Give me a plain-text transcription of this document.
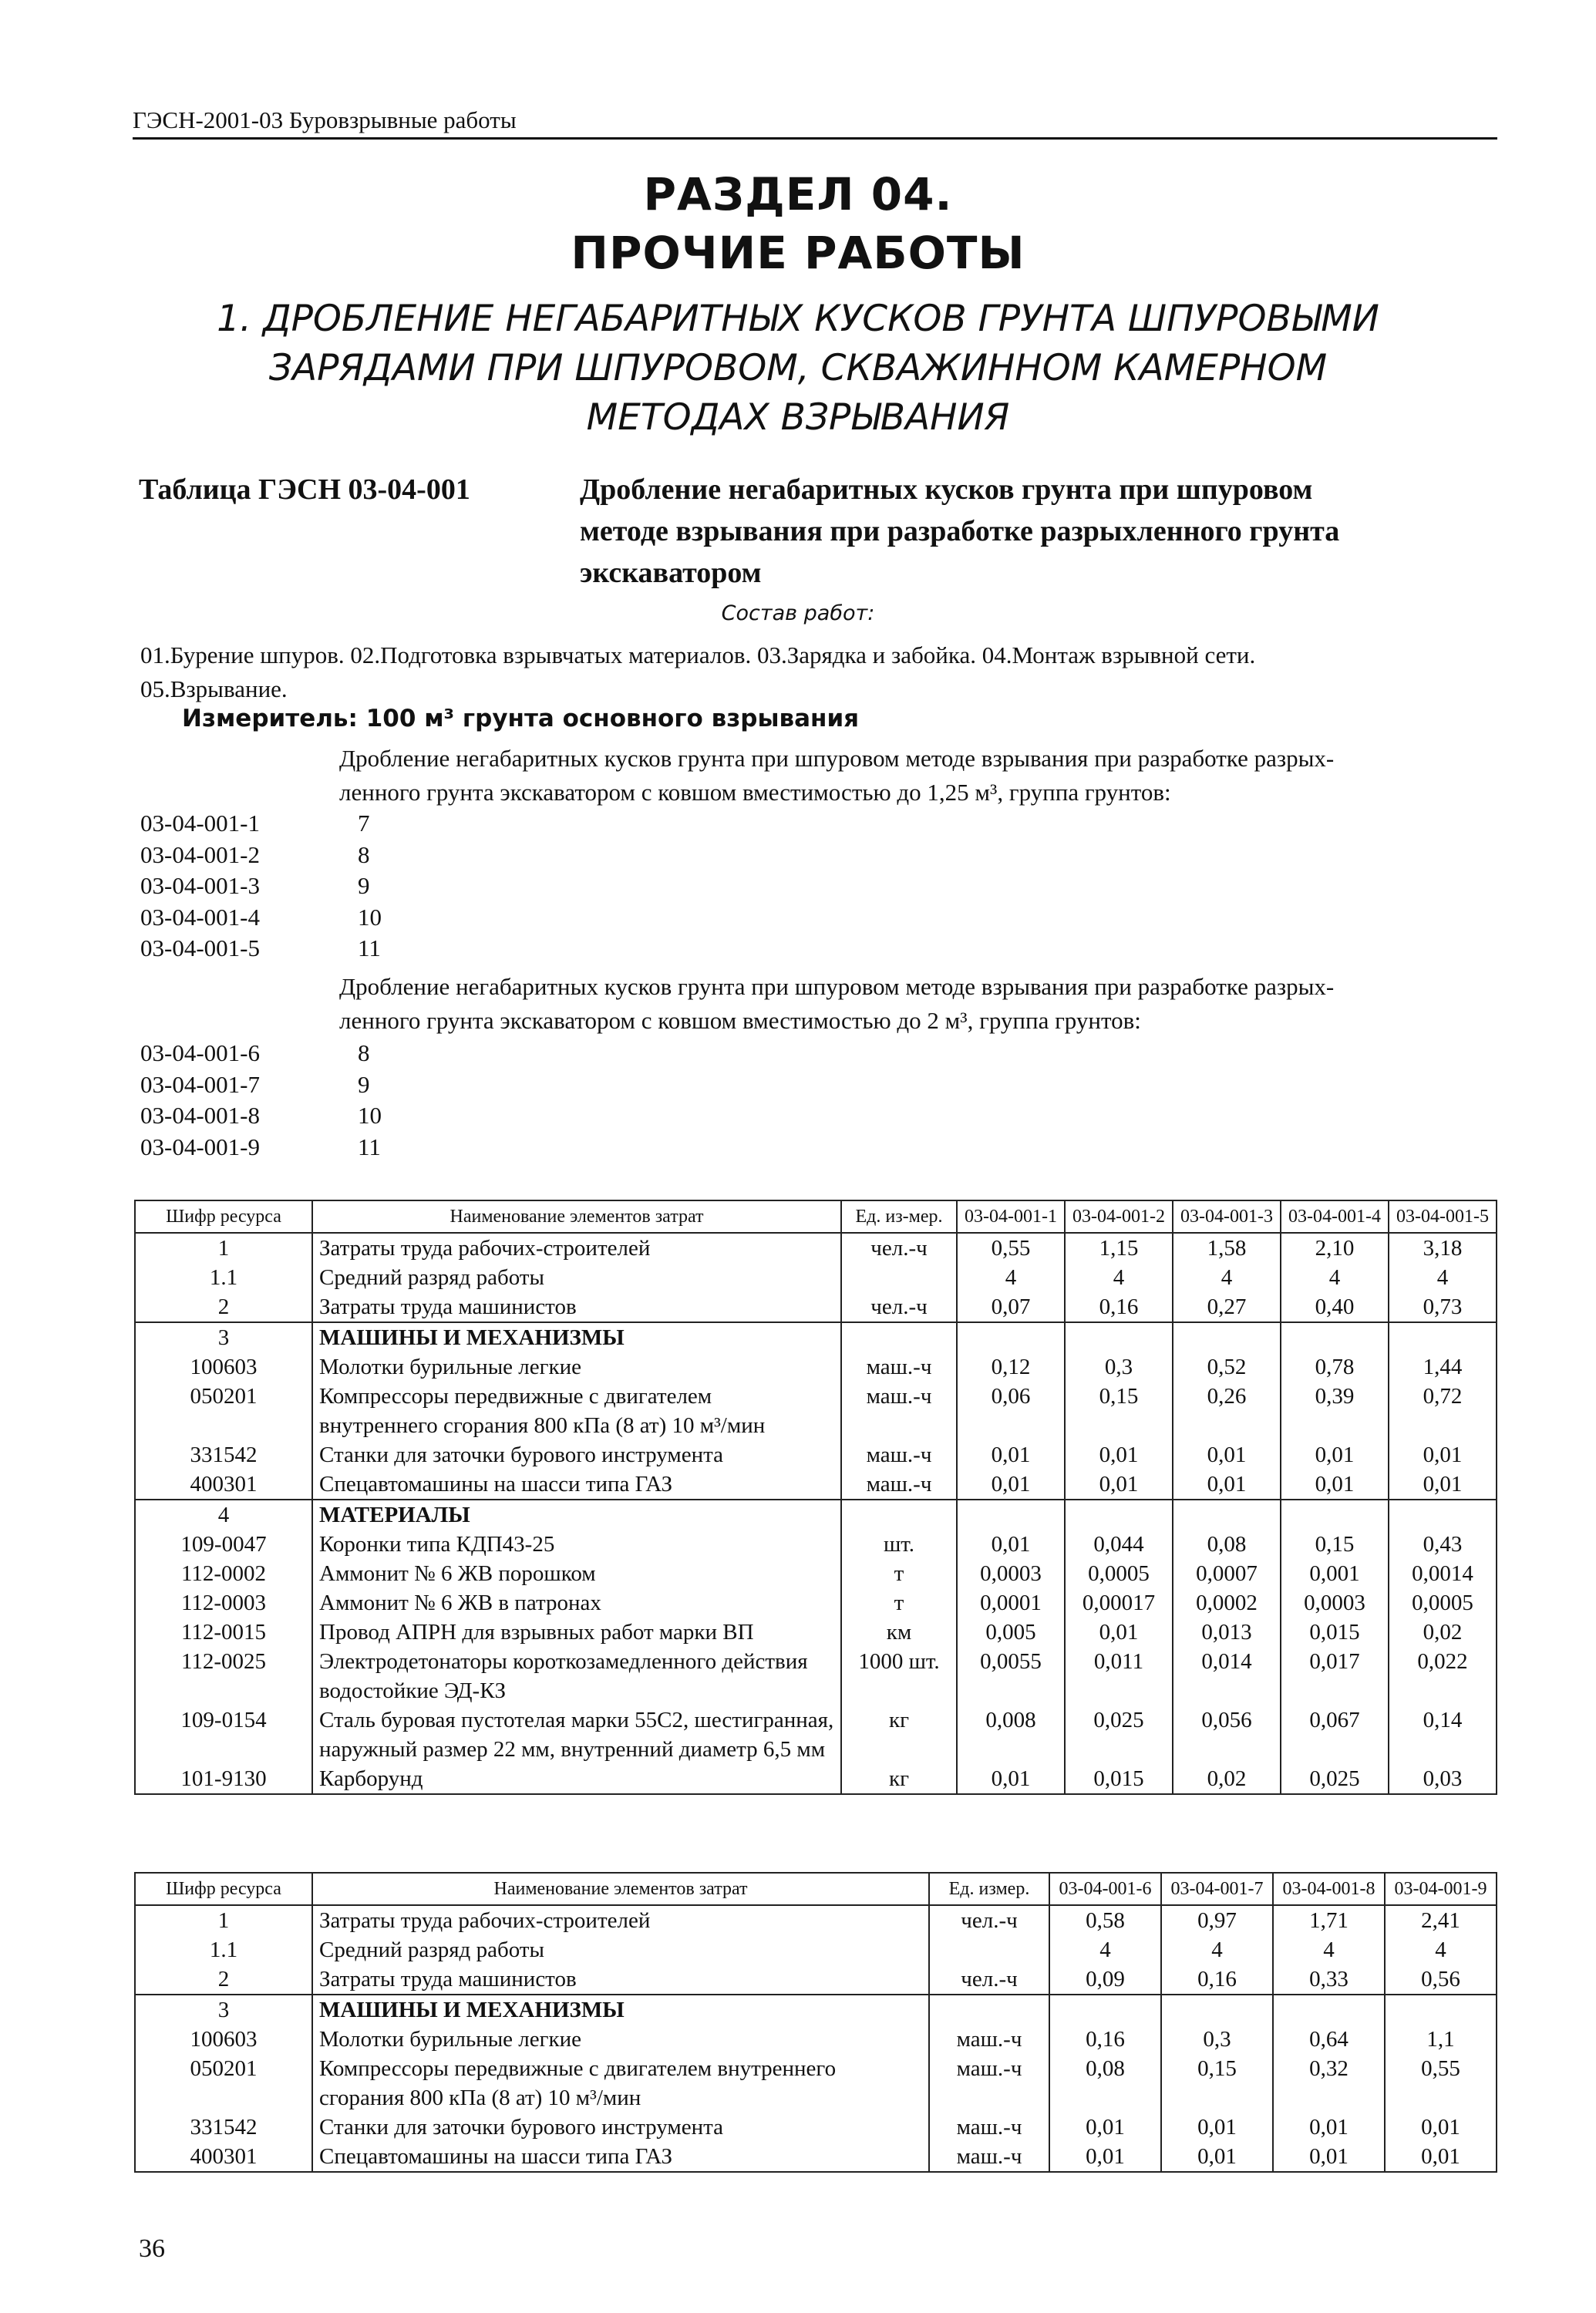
ГЭСН-2001-03 Буровзрывные работы
РАЗДЕЛ 04.
ПРОЧИЕ РАБОТЫ
1. ДРОБЛЕНИЕ НЕГАБАРИТНЫХ КУСКОВ ГРУНТА ШПУРОВЫМИ
ЗАРЯДАМИ ПРИ ШПУРОВОМ, СКВАЖИННОМ КАМЕРНОМ
МЕТОДАХ ВЗРЫВАНИЯ
Таблица ГЭСН 03-04-001	Дробление негабаритных кусков грунта при шпуровом
методе взрывания при разработке разрыхленного грунта
экскаватором
Состав работ:
01.Бурение шпуров. 02.Подготовка взрывчатых материалов. 03.Зарядка и забойка. 04.Монтаж взрывной сети.
05.Взрывание.
Измеритель: 100 м³ грунта основного взрывания
Дробление негабаритных кусков грунта при шпуровом методе взрывания при разработке разрых-
ленного грунта экскаватором с ковшом вместимостью до 1,25 м³, группа грунтов:
03-04-001-1	7
03-04-001-2	8
03-04-001-3	9
03-04-001-4	10
03-04-001-5	11
Дробление негабаритных кусков грунта при шпуровом методе взрывания при разработке разрых-
ленного грунта экскаватором с ковшом вместимостью до 2 м³, группа грунтов:
03-04-001-6	8
03-04-001-7	9
03-04-001-8	10
03-04-001-9	11
Шифр ресурса	Наименование элементов затрат	Ед. из-мер.	03-04-001-1	03-04-001-2	03-04-001-3	03-04-001-4	03-04-001-5
1	Затраты труда рабочих-строителей	чел.-ч	0,55	1,15	1,58	2,10	3,18
1.1	Средний разряд работы		4	4	4	4	4
2	Затраты труда машинистов	чел.-ч	0,07	0,16	0,27	0,40	0,73
3	МАШИНЫ И МЕХАНИЗМЫ						
100603	Молотки бурильные легкие	маш.-ч	0,12	0,3	0,52	0,78	1,44
050201	Компрессоры передвижные с двигателем внутреннего сгорания 800 кПа (8 ат) 10 м³/мин	маш.-ч	0,06	0,15	0,26	0,39	0,72
331542	Станки для заточки бурового инструмента	маш.-ч	0,01	0,01	0,01	0,01	0,01
400301	Спецавтомашины на шасси типа ГАЗ	маш.-ч	0,01	0,01	0,01	0,01	0,01
4	МАТЕРИАЛЫ						
109-0047	Коронки типа КДП43-25	шт.	0,01	0,044	0,08	0,15	0,43
112-0002	Аммонит № 6 ЖВ порошком	т	0,0003	0,0005	0,0007	0,001	0,0014
112-0003	Аммонит № 6 ЖВ в патронах	т	0,0001	0,00017	0,0002	0,0003	0,0005
112-0015	Провод АПРН для взрывных работ марки ВП	км	0,005	0,01	0,013	0,015	0,02
112-0025	Электродетонаторы короткозамедленного действия водостойкие ЭД-КЗ	1000 шт.	0,0055	0,011	0,014	0,017	0,022
109-0154	Сталь буровая пустотелая марки 55С2, шестигранная, наружный размер 22 мм, внутренний диаметр 6,5 мм	кг	0,008	0,025	0,056	0,067	0,14
101-9130	Карборунд	кг	0,01	0,015	0,02	0,025	0,03
Шифр ресурса	Наименование элементов затрат	Ед. измер.	03-04-001-6	03-04-001-7	03-04-001-8	03-04-001-9
1	Затраты труда рабочих-строителей	чел.-ч	0,58	0,97	1,71	2,41
1.1	Средний разряд работы		4	4	4	4
2	Затраты труда машинистов	чел.-ч	0,09	0,16	0,33	0,56
3	МАШИНЫ И МЕХАНИЗМЫ					
100603	Молотки бурильные легкие	маш.-ч	0,16	0,3	0,64	1,1
050201	Компрессоры передвижные с двигателем внутреннего сгорания 800 кПа (8 ат) 10 м³/мин	маш.-ч	0,08	0,15	0,32	0,55
331542	Станки для заточки бурового инструмента	маш.-ч	0,01	0,01	0,01	0,01
400301	Спецавтомашины на шасси типа ГАЗ	маш.-ч	0,01	0,01	0,01	0,01
36
